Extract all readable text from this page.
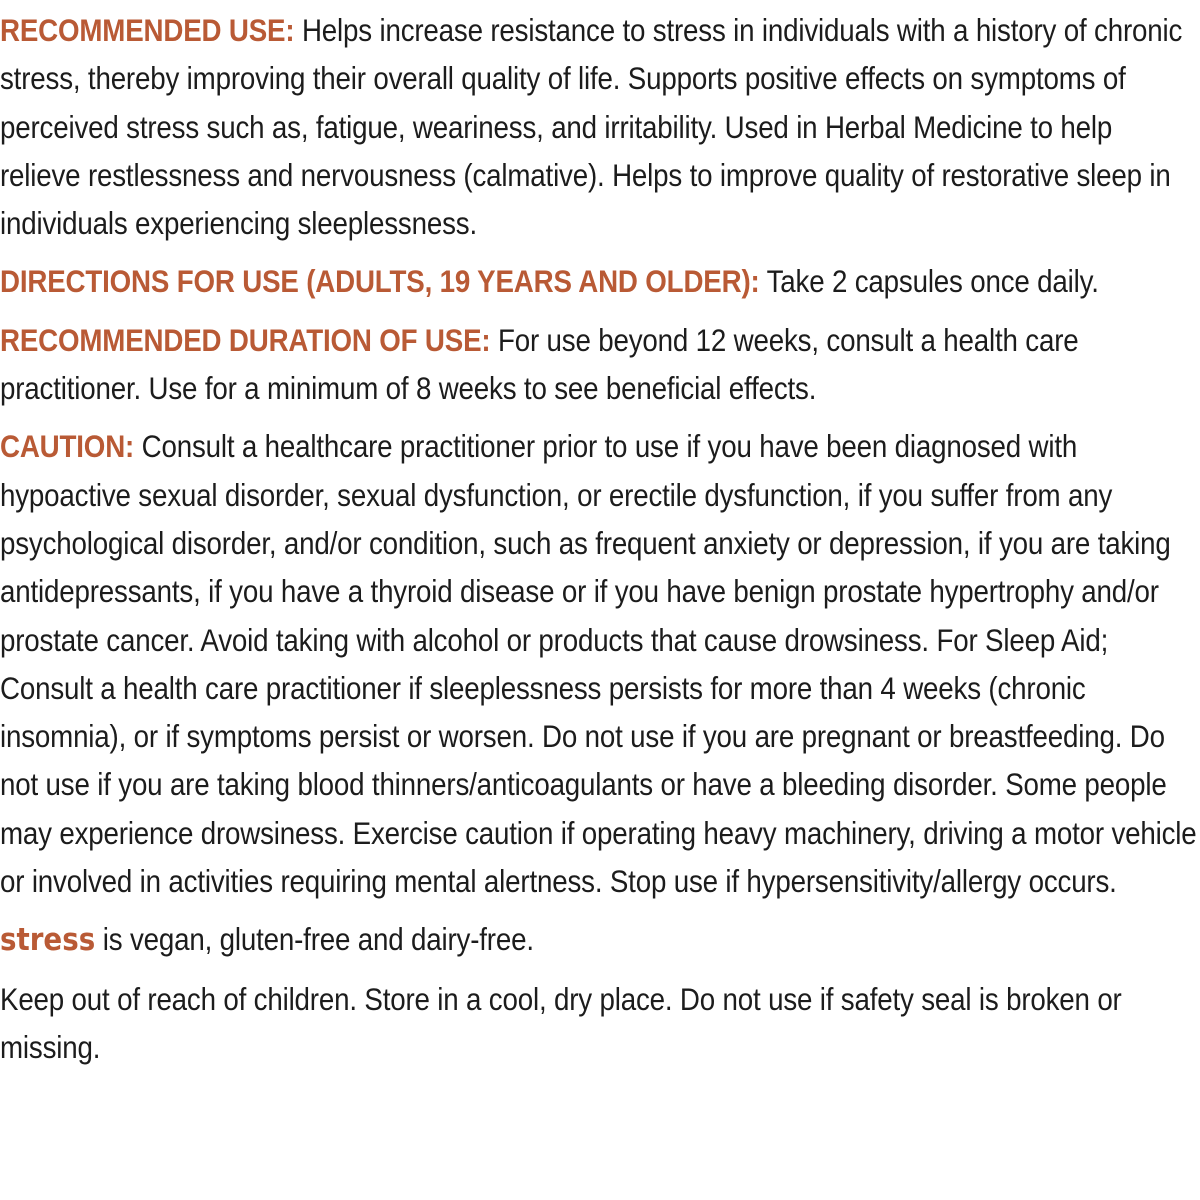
RECOMMENDED USE: Helps increase resistance to stress in individuals with a history of chronic stress, thereby improving their overall quality of life. Supports positive effects on symptoms of perceived stress such as, fatigue, weariness, and irritability. Used in Herbal Medicine to help relieve restlessness and nervousness (calmative). Helps to improve quality of restorative sleep in individuals experiencing sleeplessness.

DIRECTIONS FOR USE (ADULTS, 19 YEARS AND OLDER): Take 2 capsules once daily.

RECOMMENDED DURATION OF USE: For use beyond 12 weeks, consult a health care practitioner. Use for a minimum of 8 weeks to see beneficial effects.

CAUTION: Consult a healthcare practitioner prior to use if you have been diagnosed with hypoactive sexual disorder, sexual dysfunction, or erectile dysfunction, if you suffer from any psychological disorder, and/or condition, such as frequent anxiety or depression, if you are taking antidepressants, if you have a thyroid disease or if you have benign prostate hypertrophy and/or prostate cancer. Avoid taking with alcohol or products that cause drowsiness. For Sleep Aid; Consult a health care practitioner if sleeplessness persists for more than 4 weeks (chronic insomnia), or if symptoms persist or worsen. Do not use if you are pregnant or breastfeeding. Do not use if you are taking blood thinners/anticoagulants or have a bleeding disorder. Some people may experience drowsiness. Exercise caution if operating heavy machinery, driving a motor vehicle or involved in activities requiring mental alertness. Stop use if hypersensitivity/allergy occurs.

stress is vegan, gluten-free and dairy-free.

Keep out of reach of children. Store in a cool, dry place. Do not use if safety seal is broken or missing.
